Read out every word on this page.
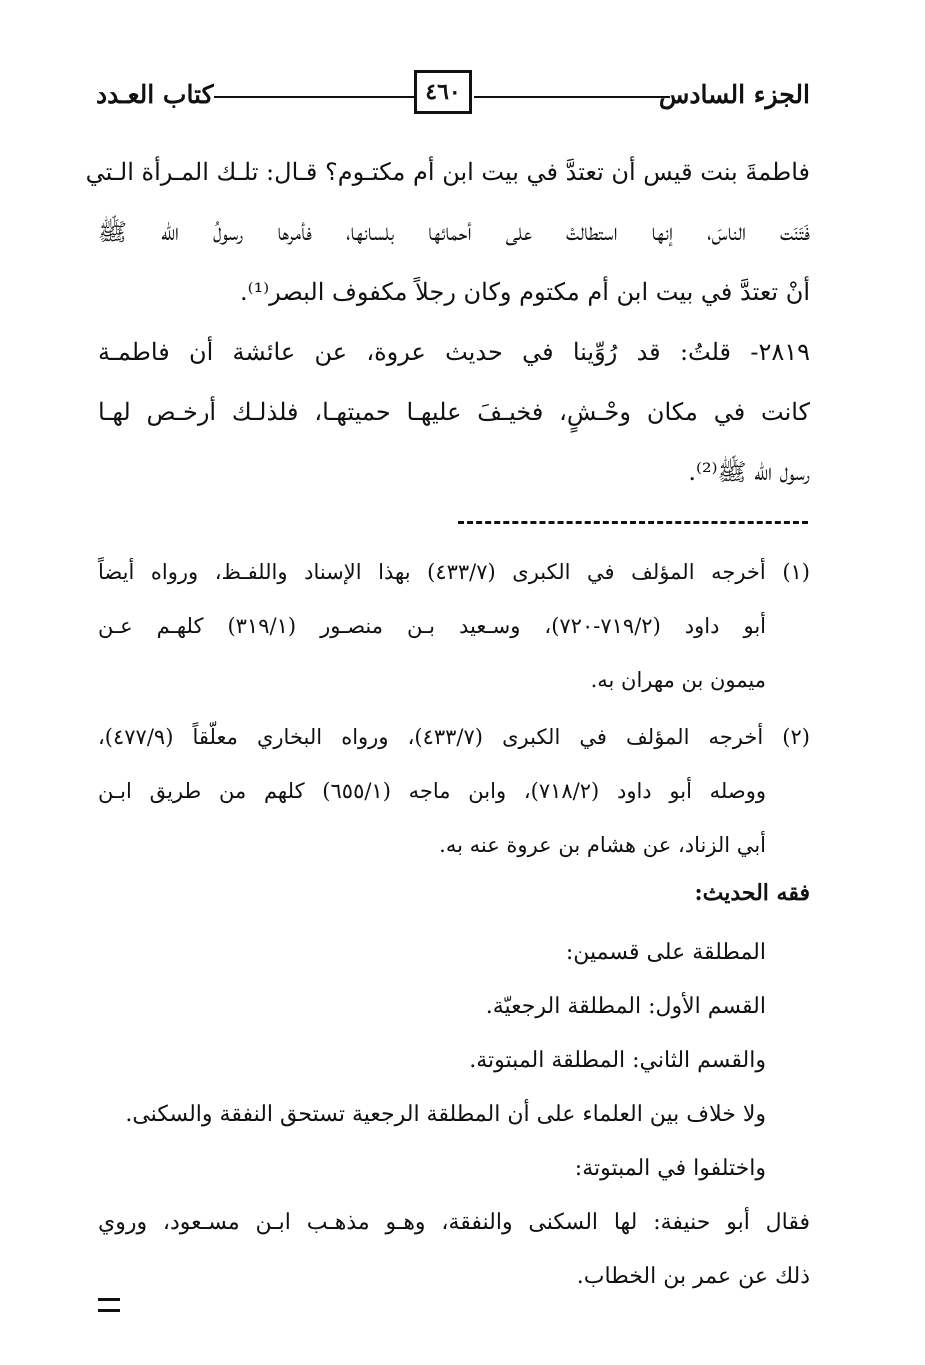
الجزء السادس
٤٦٠
كتاب العـدد
فاطمةَ بنت قيس أن تعتدَّ في بيت ابن أم مكتـوم؟ قـال: تلـك المـرأة الـتي
فَتَنَت الناسَ، إنها استطالتْ على أحمائها بلسانها، فأمرها رسولُ الله ﷺ
أنْ تعتدَّ في بيت ابن أم مكتوم وكان رجلاً مكفوف البصر⁽¹⁾.
٢٨١٩- قلتُ: قد رُوِّينا في حديث عروة، عن عائشة أن فاطمـة
كانت في مكان وحْـشٍ، فخيـفَ عليهـا حميتهـا، فلذلـك أرخـص لهـا
رسول الله ﷺ⁽²⁾.
(١) أخرجه المؤلف في الكبرى (٤٣٣/٧) بهذا الإسناد واللفـظ، ورواه أيضاً
أبو داود (٧١٩/٢-٧٢٠)، وسـعيد بـن منصـور (٣١٩/١) كلهـم عـن
ميمون بن مهران به.
(٢) أخرجه المؤلف في الكبرى (٤٣٣/٧)، ورواه البخاري معلّقاً (٤٧٧/٩)،
ووصله أبو داود (٧١٨/٢)، وابن ماجه (٦٥٥/١) كلهم من طريق ابـن
أبي الزناد، عن هشام بن عروة عنه به.
فقه الحديث:
المطلقة على قسمين:
القسم الأول: المطلقة الرجعيّة.
والقسم الثاني: المطلقة المبتوتة.
ولا خلاف بين العلماء على أن المطلقة الرجعية تستحق النفقة والسكنى.
واختلفوا في المبتوتة:
فقال أبو حنيفة: لها السكنى والنفقة، وهـو مذهـب ابـن مسـعود، وروي
ذلك عن عمر بن الخطاب.
